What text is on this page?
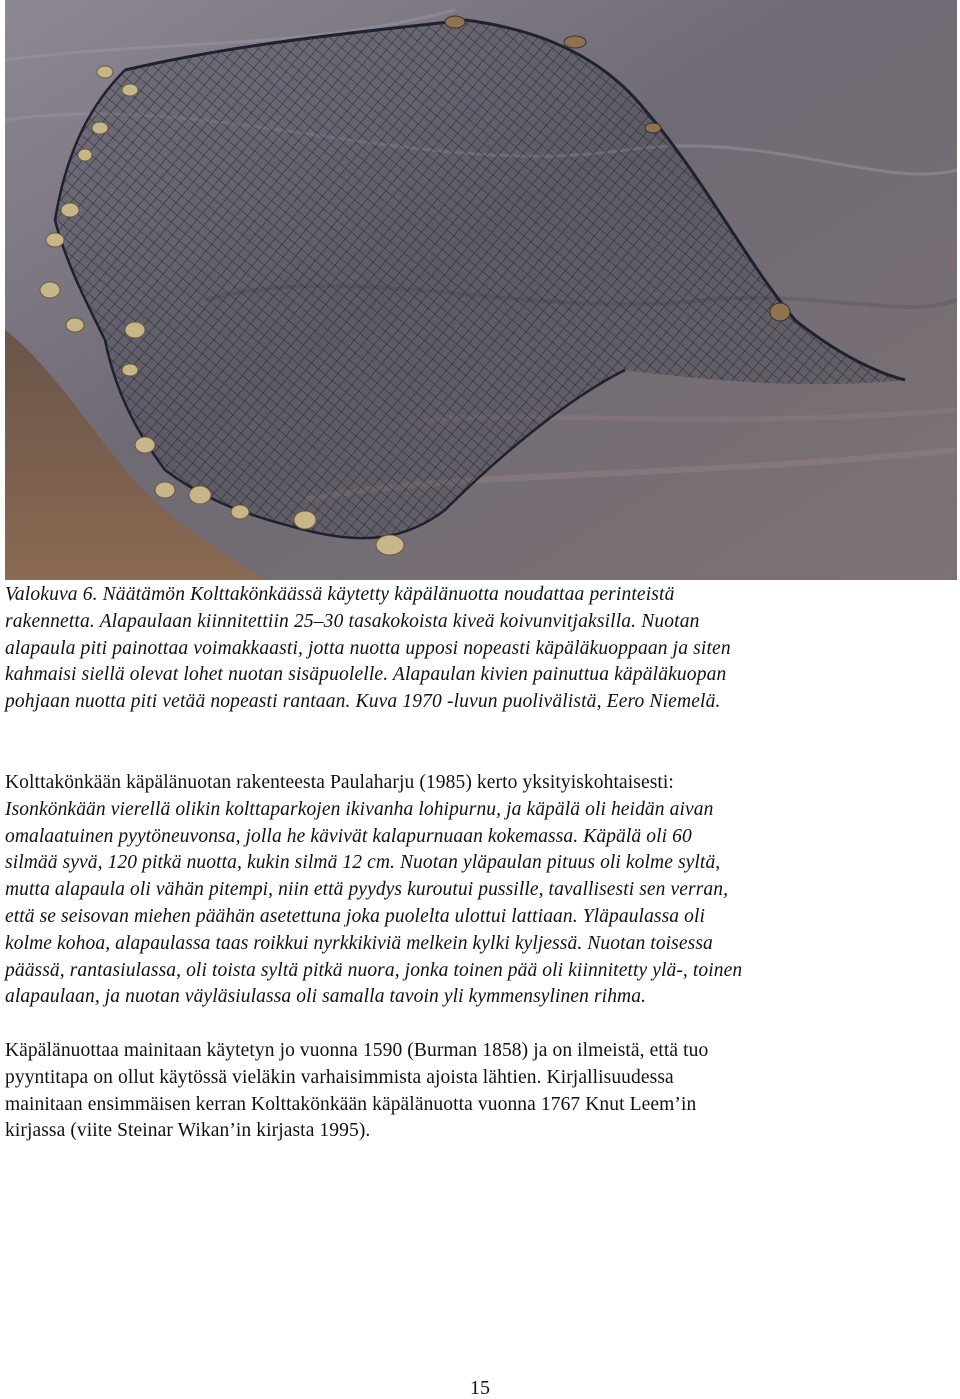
Valokuva 6. Näätämön Kolttakönkäässä käytetty käpälänuotta noudattaa perinteistä
rakennetta. Alapaulaan kiinnitettiin 25–30 tasakokoista kiveä koivunvitjaksilla. Nuotan
alapaula piti painottaa voimakkaasti, jotta nuotta upposi nopeasti käpäläkuoppaan ja siten
kahmaisi siellä olevat lohet nuotan sisäpuolelle. Alapaulan kivien painuttua käpäläkuopan
pohjaan nuotta piti vetää nopeasti rantaan. Kuva 1970 -luvun puolivälistä, Eero Niemelä.
Kolttakönkään käpälänuotan rakenteesta Paulaharju (1985) kerto yksityiskohtaisesti:
Isonkönkään vierellä olikin kolttaparkojen ikivanha lohipurnu, ja käpälä oli heidän aivan
omalaatuinen pyytöneuvonsa, jolla he kävivät kalapurnuaan kokemassa. Käpälä oli 60
silmää syvä, 120 pitkä nuotta, kukin silmä 12 cm. Nuotan yläpaulan pituus oli kolme syltä,
mutta alapaula oli vähän pitempi, niin että pyydys kuroutui pussille, tavallisesti sen verran,
että se seisovan miehen päähän asetettuna joka puolelta ulottui lattiaan. Yläpaulassa oli
kolme kohoa, alapaulassa taas roikkui nyrkkikiviä melkein kylki kyljessä. Nuotan toisessa
päässä, rantasiulassa, oli toista syltä pitkä nuora, jonka toinen pää oli kiinnitetty ylä-, toinen
alapaulaan, ja nuotan väyläsiulassa oli samalla tavoin yli kymmensylinen rihma.
Käpälänuottaa mainitaan käytetyn jo vuonna 1590 (Burman 1858) ja on ilmeistä, että tuo
pyyntitapa on ollut käytössä vieläkin varhaisimmista ajoista lähtien. Kirjallisuudessa
mainitaan ensimmäisen kerran Kolttakönkään käpälänuotta vuonna 1767 Knut Leem’in
kirjassa (viite Steinar Wikan’in kirjasta 1995).
15
